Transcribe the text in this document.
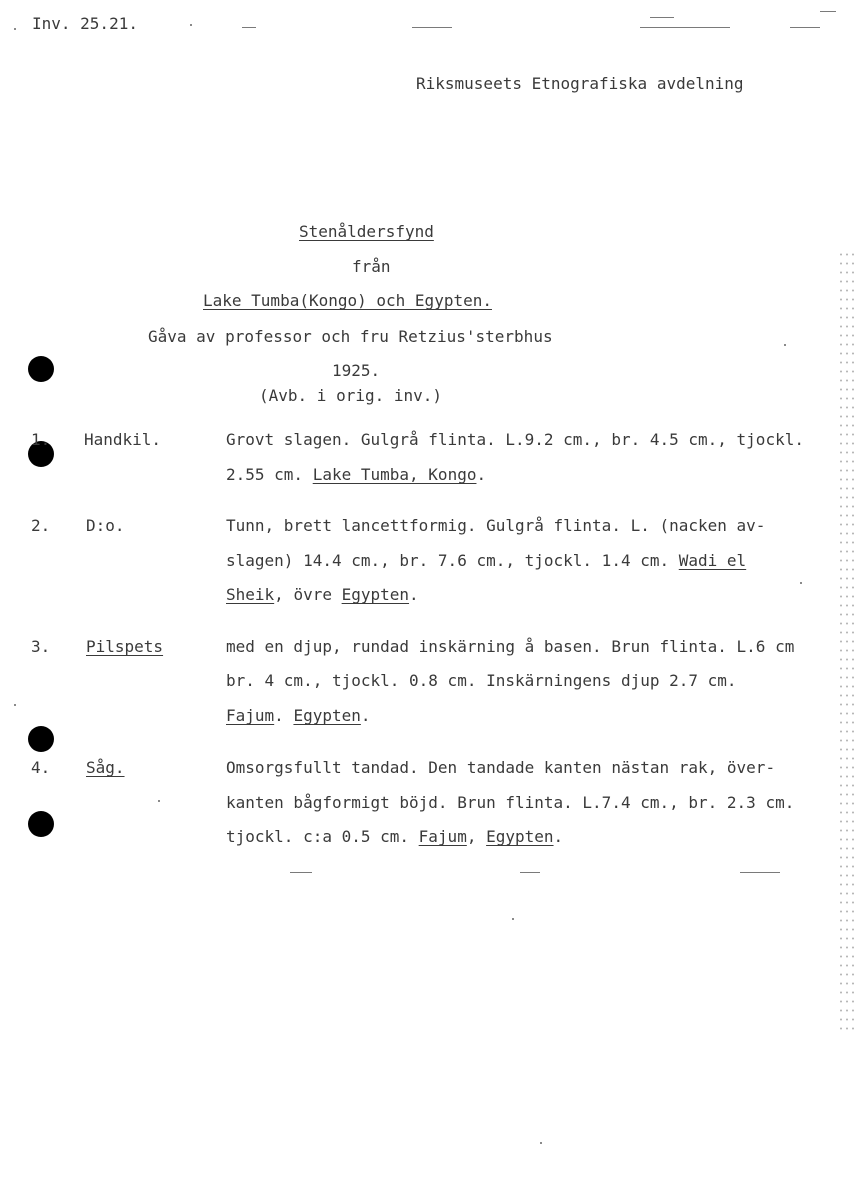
Inv. 25.21.
Riksmuseets Etnografiska avdelning
Stenåldersfynd
från
Lake Tumba(Kongo) och Egypten.
Gåva av professor och fru Retzius'sterbhus
1925.
(Avb. i orig. inv.)
1. Handkil.	Grovt slagen. Gulgrå flinta. L.9.2 cm., br. 4.5 cm., tjockl.
2.55 cm. Lake Tumba, Kongo.
2. D:o.	Tunn, brett lancettformig. Gulgrå flinta. L. (nacken av-
slagen) 14.4 cm., br. 7.6 cm., tjockl. 1.4 cm. Wadi el
Sheik, övre Egypten.
3. Pilspets	med en djup, rundad inskärning å basen. Brun flinta. L.6 cm
br. 4 cm., tjockl. 0.8 cm. Inskärningens djup 2.7 cm.
Fajum. Egypten.
4. Såg.	Omsorgsfullt tandad. Den tandade kanten nästan rak, över-
kanten bågformigt böjd. Brun flinta. L.7.4 cm., br. 2.3 cm.
tjockl. c:a 0.5 cm. Fajum, Egypten.
